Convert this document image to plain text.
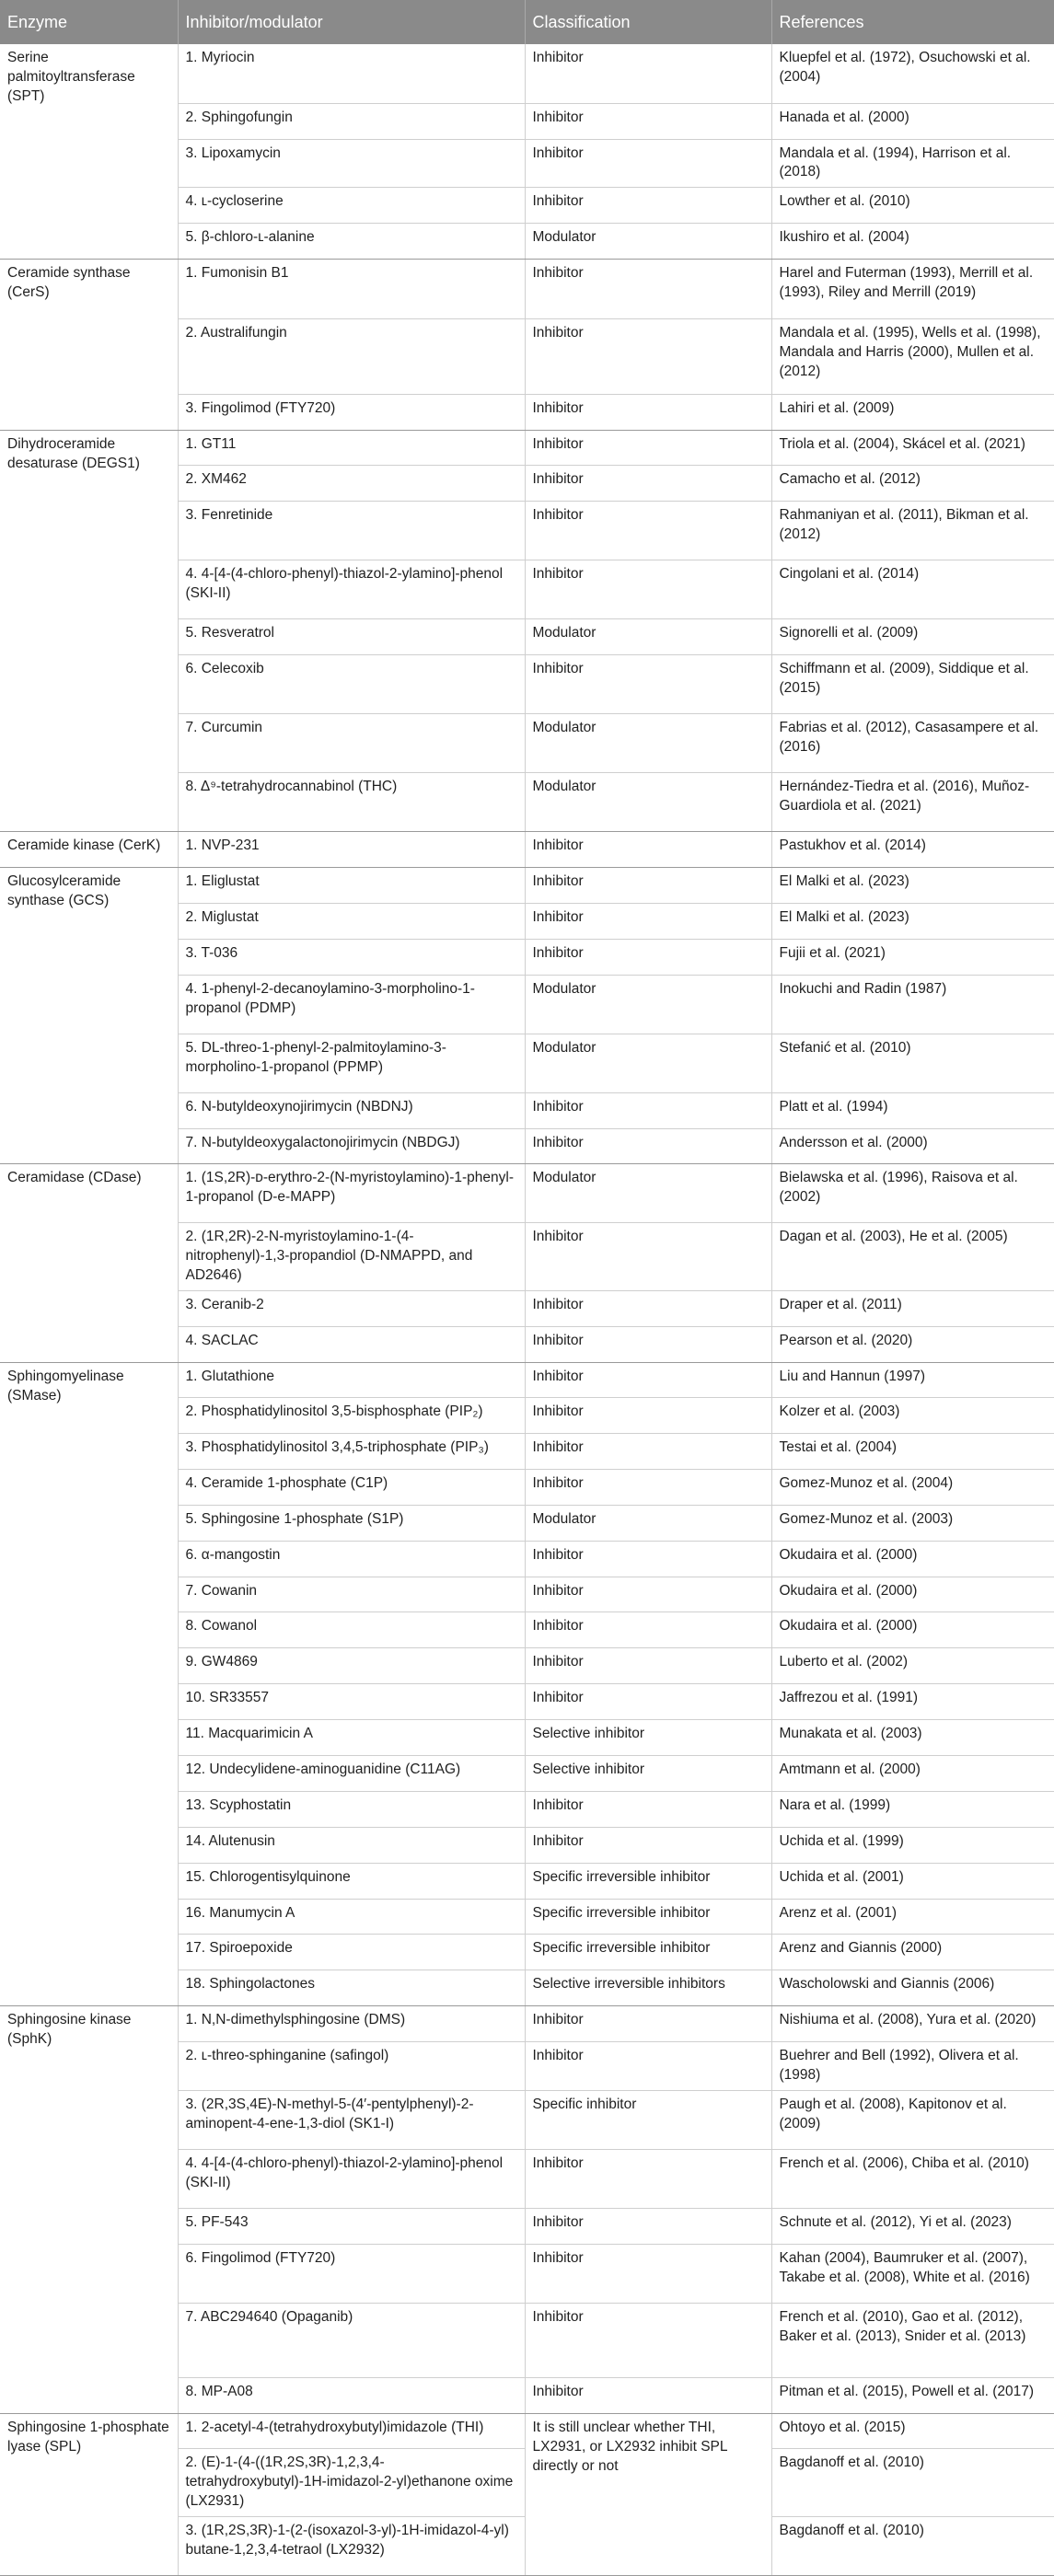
Enzyme	Inhibitor/modulator	Classification	References
Serine palmitoyltransferase (SPT)	1. Myriocin	Inhibitor	Kluepfel et al. (1972), Osuchowski et al. (2004)
	2. Sphingofungin	Inhibitor	Hanada et al. (2000)
	3. Lipoxamycin	Inhibitor	Mandala et al. (1994), Harrison et al. (2018)
	4. ʟ-cycloserine	Inhibitor	Lowther et al. (2010)
	5. β-chloro-ʟ-alanine	Modulator	Ikushiro et al. (2004)
Ceramide synthase (CerS)	1. Fumonisin B1	Inhibitor	Harel and Futerman (1993), Merrill et al. (1993), Riley and Merrill (2019)
	2. Australifungin	Inhibitor	Mandala et al. (1995), Wells et al. (1998), Mandala and Harris (2000), Mullen et al. (2012)
	3. Fingolimod (FTY720)	Inhibitor	Lahiri et al. (2009)
Dihydroceramide desaturase (DEGS1)	1. GT11	Inhibitor	Triola et al. (2004), Skácel et al. (2021)
	2. XM462	Inhibitor	Camacho et al. (2012)
	3. Fenretinide	Inhibitor	Rahmaniyan et al. (2011), Bikman et al. (2012)
	4. 4-[4-(4-chloro-phenyl)-thiazol-2-ylamino]-phenol (SKI-II)	Inhibitor	Cingolani et al. (2014)
	5. Resveratrol	Modulator	Signorelli et al. (2009)
	6. Celecoxib	Inhibitor	Schiffmann et al. (2009), Siddique et al. (2015)
	7. Curcumin	Modulator	Fabrias et al. (2012), Casasampere et al. (2016)
	8. Δ⁹-tetrahydrocannabinol (THC)	Modulator	Hernández-Tiedra et al. (2016), Muñoz-Guardiola et al. (2021)
Ceramide kinase (CerK)	1. NVP-231	Inhibitor	Pastukhov et al. (2014)
Glucosylceramide synthase (GCS)	1. Eliglustat	Inhibitor	El Malki et al. (2023)
	2. Miglustat	Inhibitor	El Malki et al. (2023)
	3. T-036	Inhibitor	Fujii et al. (2021)
	4. 1-phenyl-2-decanoylamino-3-morpholino-1-propanol (PDMP)	Modulator	Inokuchi and Radin (1987)
	5. DL-threo-1-phenyl-2-palmitoylamino-3-morpholino-1-propanol (PPMP)	Modulator	Stefanić et al. (2010)
	6. N-butyldeoxynojirimycin (NBDNJ)	Inhibitor	Platt et al. (1994)
	7. N-butyldeoxygalactonojirimycin (NBDGJ)	Inhibitor	Andersson et al. (2000)
Ceramidase (CDase)	1. (1S,2R)-ᴅ-erythro-2-(N-myristoylamino)-1-phenyl-1-propanol (D-e-MAPP)	Modulator	Bielawska et al. (1996), Raisova et al. (2002)
	2. (1R,2R)-2-N-myristoylamino-1-(4-nitrophenyl)-1,3-propandiol (D-NMAPPD, and AD2646)	Inhibitor	Dagan et al. (2003), He et al. (2005)
	3. Ceranib-2	Inhibitor	Draper et al. (2011)
	4. SACLAC	Inhibitor	Pearson et al. (2020)
Sphingomyelinase (SMase)	1. Glutathione	Inhibitor	Liu and Hannun (1997)
	2. Phosphatidylinositol 3,5-bisphosphate (PIP₂)	Inhibitor	Kolzer et al. (2003)
	3. Phosphatidylinositol 3,4,5-triphosphate (PIP₃)	Inhibitor	Testai et al. (2004)
	4. Ceramide 1-phosphate (C1P)	Inhibitor	Gomez-Munoz et al. (2004)
	5. Sphingosine 1-phosphate (S1P)	Modulator	Gomez-Munoz et al. (2003)
	6. α-mangostin	Inhibitor	Okudaira et al. (2000)
	7. Cowanin	Inhibitor	Okudaira et al. (2000)
	8. Cowanol	Inhibitor	Okudaira et al. (2000)
	9. GW4869	Inhibitor	Luberto et al. (2002)
	10. SR33557	Inhibitor	Jaffrezou et al. (1991)
	11. Macquarimicin A	Selective inhibitor	Munakata et al. (2003)
	12. Undecylidene-aminoguanidine (C11AG)	Selective inhibitor	Amtmann et al. (2000)
	13. Scyphostatin	Inhibitor	Nara et al. (1999)
	14. Alutenusin	Inhibitor	Uchida et al. (1999)
	15. Chlorogentisylquinone	Specific irreversible inhibitor	Uchida et al. (2001)
	16. Manumycin A	Specific irreversible inhibitor	Arenz et al. (2001)
	17. Spiroepoxide	Specific irreversible inhibitor	Arenz and Giannis (2000)
	18. Sphingolactones	Selective irreversible inhibitors	Wascholowski and Giannis (2006)
Sphingosine kinase (SphK)	1. N,N-dimethylsphingosine (DMS)	Inhibitor	Nishiuma et al. (2008), Yura et al. (2020)
	2. ʟ-threo-sphinganine (safingol)	Inhibitor	Buehrer and Bell (1992), Olivera et al. (1998)
	3. (2R,3S,4E)-N-methyl-5-(4′-pentylphenyl)-2-aminopent-4-ene-1,3-diol (SK1-I)	Specific inhibitor	Paugh et al. (2008), Kapitonov et al. (2009)
	4. 4-[4-(4-chloro-phenyl)-thiazol-2-ylamino]-phenol (SKI-II)	Inhibitor	French et al. (2006), Chiba et al. (2010)
	5. PF-543	Inhibitor	Schnute et al. (2012), Yi et al. (2023)
	6. Fingolimod (FTY720)	Inhibitor	Kahan (2004), Baumruker et al. (2007), Takabe et al. (2008), White et al. (2016)
	7. ABC294640 (Opaganib)	Inhibitor	French et al. (2010), Gao et al. (2012), Baker et al. (2013), Snider et al. (2013)
	8. MP-A08	Inhibitor	Pitman et al. (2015), Powell et al. (2017)
Sphingosine 1-phosphate lyase (SPL)	1. 2-acetyl-4-(tetrahydroxybutyl)imidazole (THI)	It is still unclear whether THI, LX2931, or LX2932 inhibit SPL directly or not	Ohtoyo et al. (2015)
	2. (E)-1-(4-((1R,2S,3R)-1,2,3,4-tetrahydroxybutyl)-1H-imidazol-2-yl)ethanone oxime (LX2931)		Bagdanoff et al. (2010)
	3. (1R,2S,3R)-1-(2-(isoxazol-3-yl)-1H-imidazol-4-yl) butane-1,2,3,4-tetraol (LX2932)		Bagdanoff et al. (2010)
